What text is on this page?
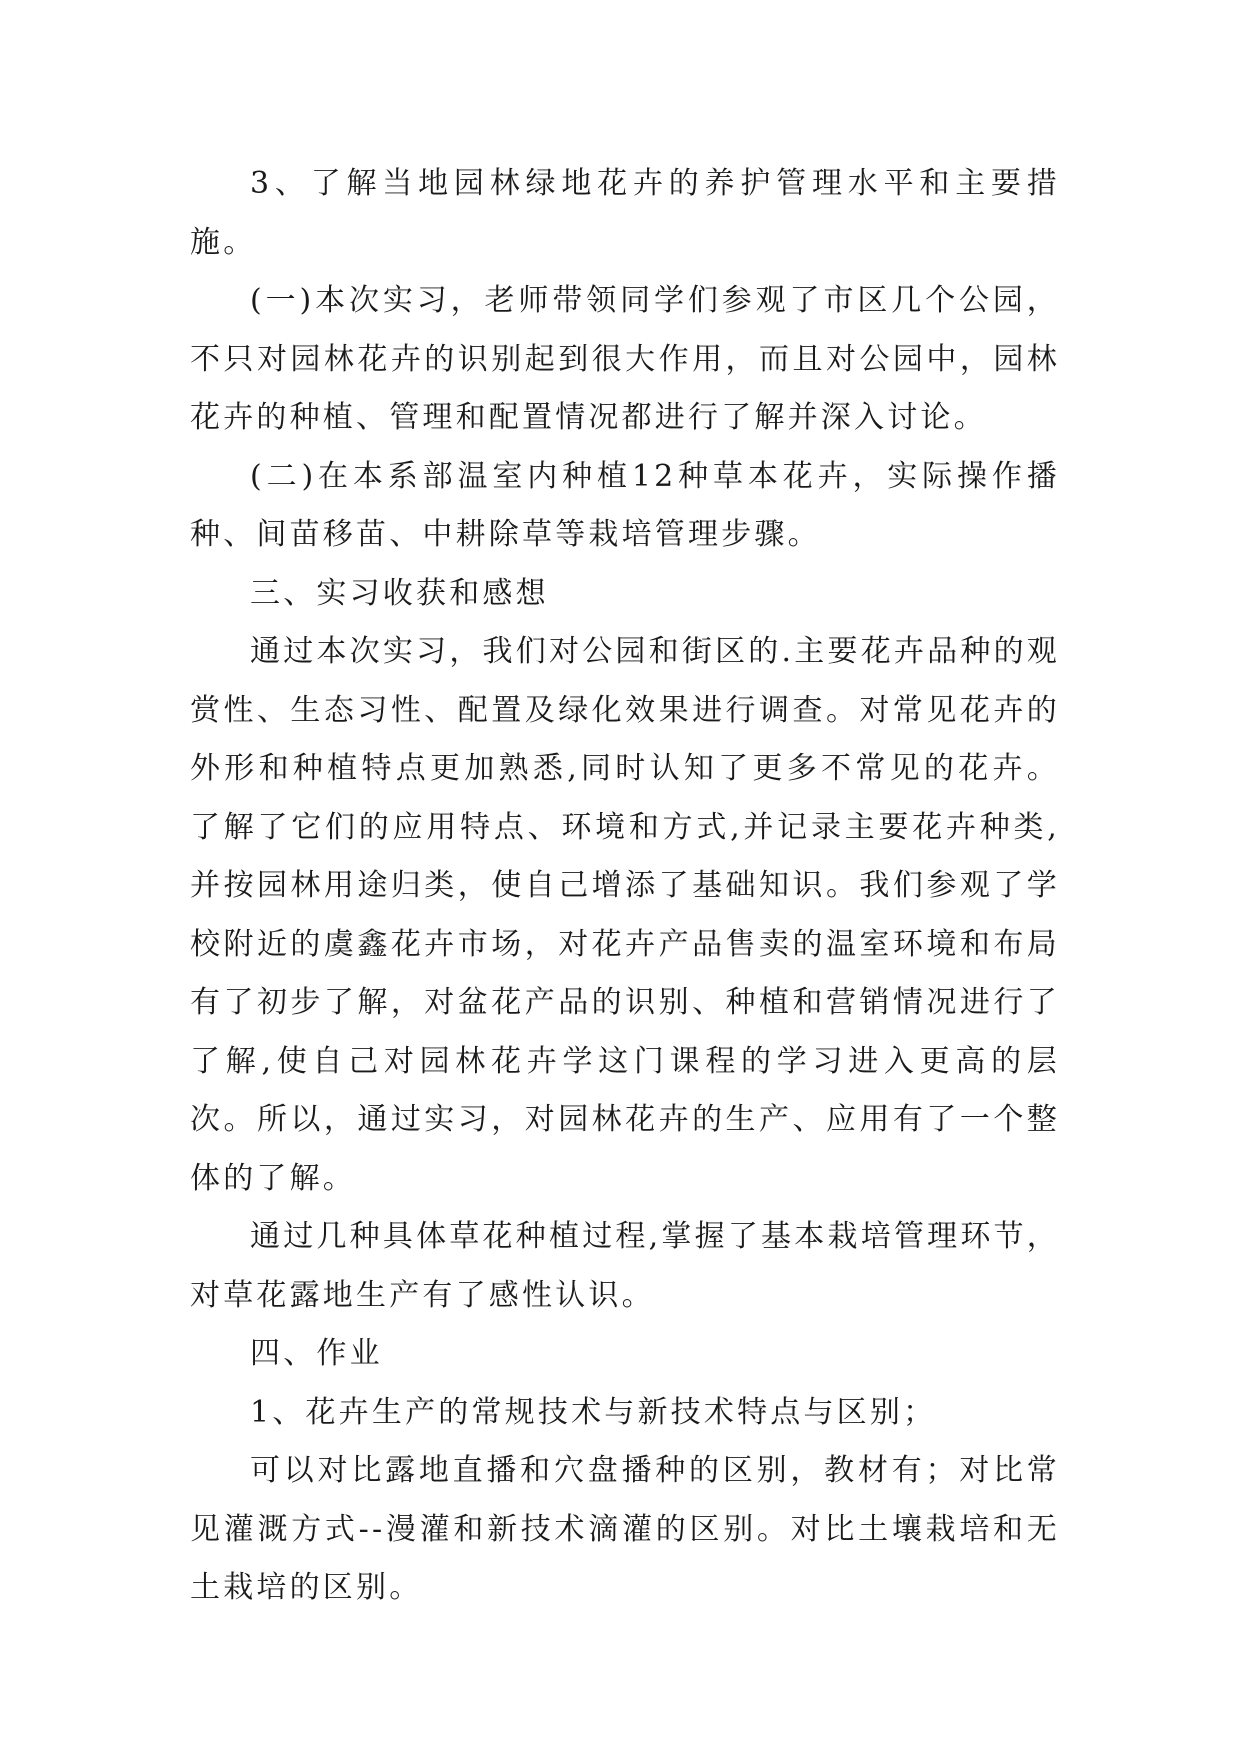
3、了解当地园林绿地花卉的养护管理水平和主要措施。

(一)本次实习，老师带领同学们参观了市区几个公园，不只对园林花卉的识别起到很大作用，而且对公园中，园林花卉的种植、管理和配置情况都进行了解并深入讨论。

(二)在本系部温室内种植12种草本花卉，实际操作播种、间苗移苗、中耕除草等栽培管理步骤。

三、实习收获和感想

通过本次实习，我们对公园和街区的.主要花卉品种的观赏性、生态习性、配置及绿化效果进行调查。对常见花卉的外形和种植特点更加熟悉,同时认知了更多不常见的花卉。了解了它们的应用特点、环境和方式,并记录主要花卉种类,并按园林用途归类，使自己增添了基础知识。我们参观了学校附近的虞鑫花卉市场，对花卉产品售卖的温室环境和布局有了初步了解，对盆花产品的识别、种植和营销情况进行了了解,使自己对园林花卉学这门课程的学习进入更高的层次。所以，通过实习，对园林花卉的生产、应用有了一个整体的了解。

通过几种具体草花种植过程,掌握了基本栽培管理环节，对草花露地生产有了感性认识。

四、作业

1、花卉生产的常规技术与新技术特点与区别；

可以对比露地直播和穴盘播种的区别，教材有；对比常见灌溉方式--漫灌和新技术滴灌的区别。对比土壤栽培和无土栽培的区别。
